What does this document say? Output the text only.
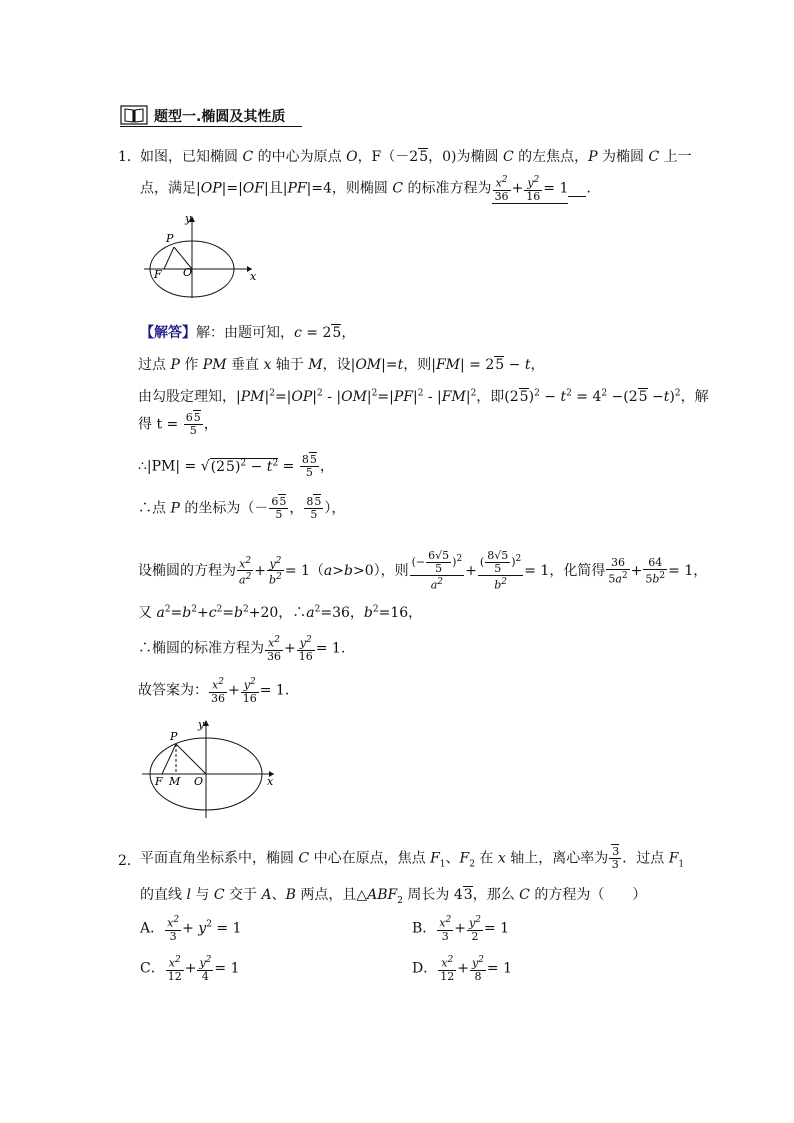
题型一.椭圆及其性质
1． 如图，已知椭圆 C 的中心为原点 O，F（－25，0)为椭圆 C 的左焦点，P 为椭圆 C 上一
点，满足|OP|=|OF|且|PF|=4，则椭圆 C 的标准方程为 $\frac{x^2}{36} + \frac{y^2}{16} = 1$ .
y
P
F O	x
【解答】解：由题可知，c = 25，
过点 P 作 PM 垂直 x 轴于 M，设|OM|=t，则|FM| = 25 − t，
由勾股定理知，$|PM|^2=|OP|^2 - |OM|^2=|PF|^2 - |FM|^2$，即$(25)^2 - t^2 = 4^2 -(25 -t)^2$，解
得 $t = \frac{65}{5}$ ，
∴|PM| = $√(25)^2 - t^2 = \frac{85}{5}$ ，
∴点 P 的坐标为（－ $\frac{65}{5}$ ， $\frac{85}{5}$ ），
设椭圆的方程为 $\frac{x^2}{a^2} + \frac{y^2}{b^2} = 1(a>b>0)$，则 $\frac{(- \frac{6√5}{5} )^2}{a^2} + \frac{( \frac{8√5}{5} )^2}{b^2} = 1$，化简得 $\frac{36}{5a^2} + \frac{64}{5b^2} = 1$，
又 $a^2=b^2+c^2=b^2+20$，$\therefore a^2=36$，$b^2=16$，
∴椭圆的标准方程为 $\frac{x^2}{36} + \frac{y^2}{16} = 1$.
故答案为： $\frac{x^2}{36} + \frac{y^2}{16} = 1$.
y
P
F M O	x
2． 平面直角坐标系中，椭圆 C 中心在原点，焦点 $F_1$、$F_2$ 在 x 轴上，离心率为 $\frac{3}{3}$ ．过点 $F_1$
的直线 l 与 C 交于 A、B 两点，且$\triangle ABF_2$ 周长为 43，那么 C 的方程为（　　）
A． $\frac{x^2}{3} + y^2 = 1$	B． $\frac{x^2}{3} + \frac{y^2}{2} = 1$
C． $\frac{x^2}{12} + \frac{y^2}{4} = 1$	D． $\frac{x^2}{12} + \frac{y^2}{8} = 1$
